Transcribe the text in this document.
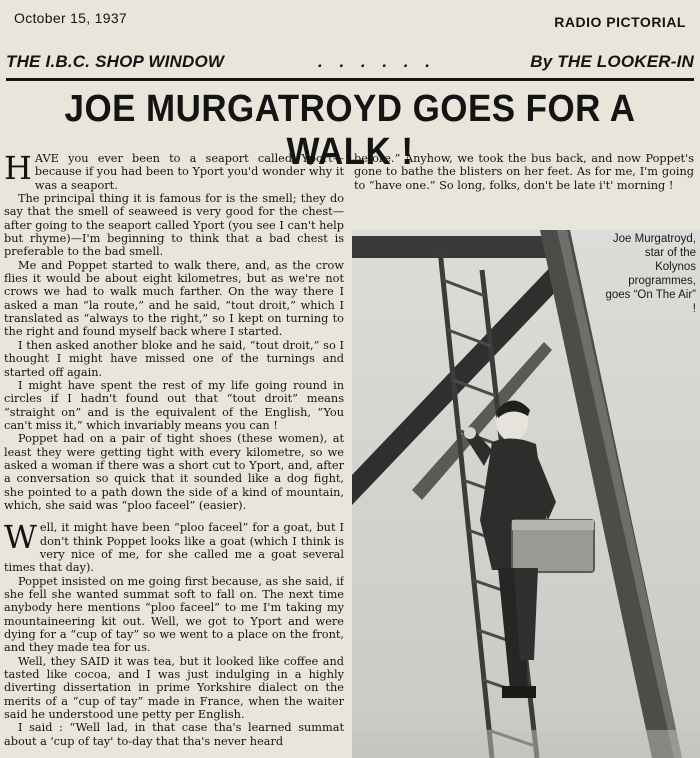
October 15, 1937	RADIO PICTORIAL
THE I.B.C. SHOP WINDOW	. . . . . .	By THE LOOKER-IN
JOE MURGATROYD GOES FOR A WALK !

HAVE you ever been to a seaport called Yport—because if you had been to Yport you'd wonder why it was a seaport.

The principal thing it is famous for is the smell; they do say that the smell of seaweed is very good for the chest—after going to the seaport called Yport (you see I can't help but rhyme)—I'm beginning to think that a bad chest is preferable to the bad smell.

Me and Poppet started to walk there, and, as the crow flies it would be about eight kilometres, but as we're not crows we had to walk much farther. On the way there I asked a man “la route,” and he said, “tout droit,” which I translated as “always to the right,” so I kept on turning to the right and found myself back where I started.

I then asked another bloke and he said, “tout droit,” so I thought I might have missed one of the turnings and started off again.

I might have spent the rest of my life going round in circles if I hadn't found out that “tout droit” means “straight on” and is the equivalent of the English, “You can't miss it,” which invariably means you can !

Poppet had on a pair of tight shoes (these women), at least they were getting tight with every kilometre, so we asked a woman if there was a short cut to Yport, and, after a conversation so quick that it sounded like a dog fight, she pointed to a path down the side of a kind of mountain, which, she said was “ploo faceel” (easier).

Well, it might have been “ploo faceel” for a goat, but I don't think Poppet looks like a goat (which I think is very nice of me, for she called me a goat several times that day).

Poppet insisted on me going first because, as she said, if she fell she wanted summat soft to fall on. The next time anybody here mentions “ploo faceel” to me I'm taking my mountaineering kit out. Well, we got to Yport and were dying for a “cup of tay” so we went to a place on the front, and they made tea for us.

Well, they SAID it was tea, but it looked like coffee and tasted like cocoa, and I was just indulging in a highly diverting dissertation in prime Yorkshire dialect on the merits of a “cup of tay” made in France, when the waiter said he understood une petty per English.

I said : “Well lad, in that case tha's learned summat about a 'cup of tay' to-day that tha's never heard

before.” Anyhow, we took the bus back, and now Poppet's gone to bathe the blisters on her feet. As for me, I'm going to “have one.” So long, folks, don't be late i't' morning !
Joe Murgatroyd, star of the Kolynos programmes, goes “On The Air” !
